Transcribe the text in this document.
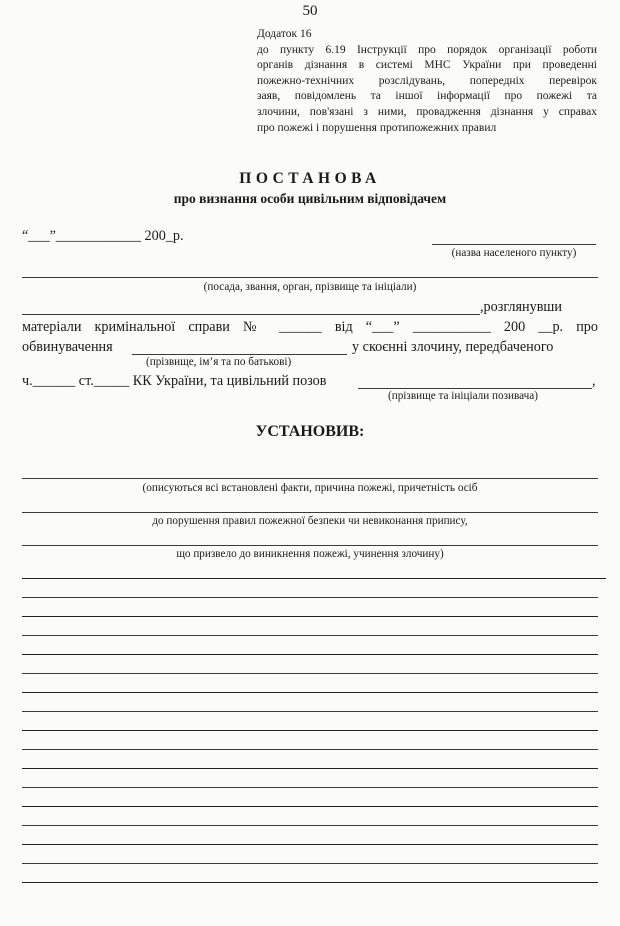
50
Додаток 16
до пункту 6.19 Інструкції про порядок організації роботи
органів дізнання в системі МНС України при проведенні
пожежно-технічних розслідувань, попередніх перевірок
заяв, повідомлень та іншої інформації про пожежі та
злочини, пов'язані з ними, провадження дізнання у справах
про пожежі і порушення протипожежних правил
ПОСТАНОВА
про визнання особи цивільним відповідачем
“___”____________ 200_р.
(назва населеного пункту)
(посада, звання, орган, прізвище та ініціали)
,розглянувши
матеріали кримінальної справи № ______ від “___” ___________ 200 __р. про
обвинувачення	у скоєнні злочину, передбаченого
(прізвище, ім’я та по батькові)
ч.______ ст._____ КК України, та цивільний позов	,
(прізвище та ініціали позивача)
УСТАНОВИВ:
(описуються всі встановлені факти, причина пожежі, причетність осіб
до порушення правил пожежної безпеки чи невиконання припису,
що призвело до виникнення пожежі, учинення злочину)
